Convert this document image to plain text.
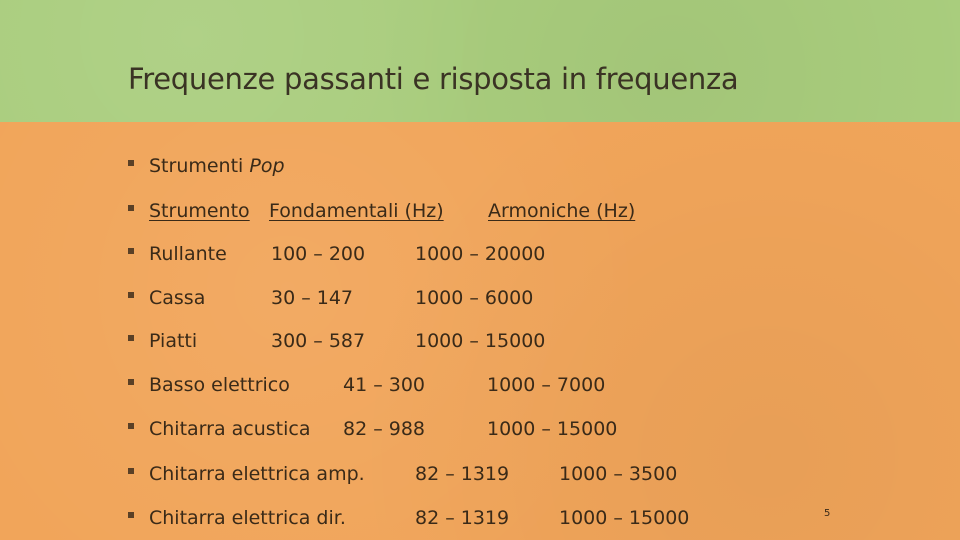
Frequenze passanti e risposta in frequenza
Strumenti Pop
Strumento Fondamentali (Hz) Armoniche (Hz)
Rullante 100 – 200	1000 – 20000
Cassa	30 – 147	1000 – 6000
Piatti	300 – 587	1000 – 15000
Basso elettrico	41 – 300	1000 – 7000
Chitarra acustica 82 – 988	1000 – 15000
Chitarra elettrica amp.	82 – 1319	1000 – 3500
Chitarra elettrica dir.	82 – 1319	1000 – 15000	5
